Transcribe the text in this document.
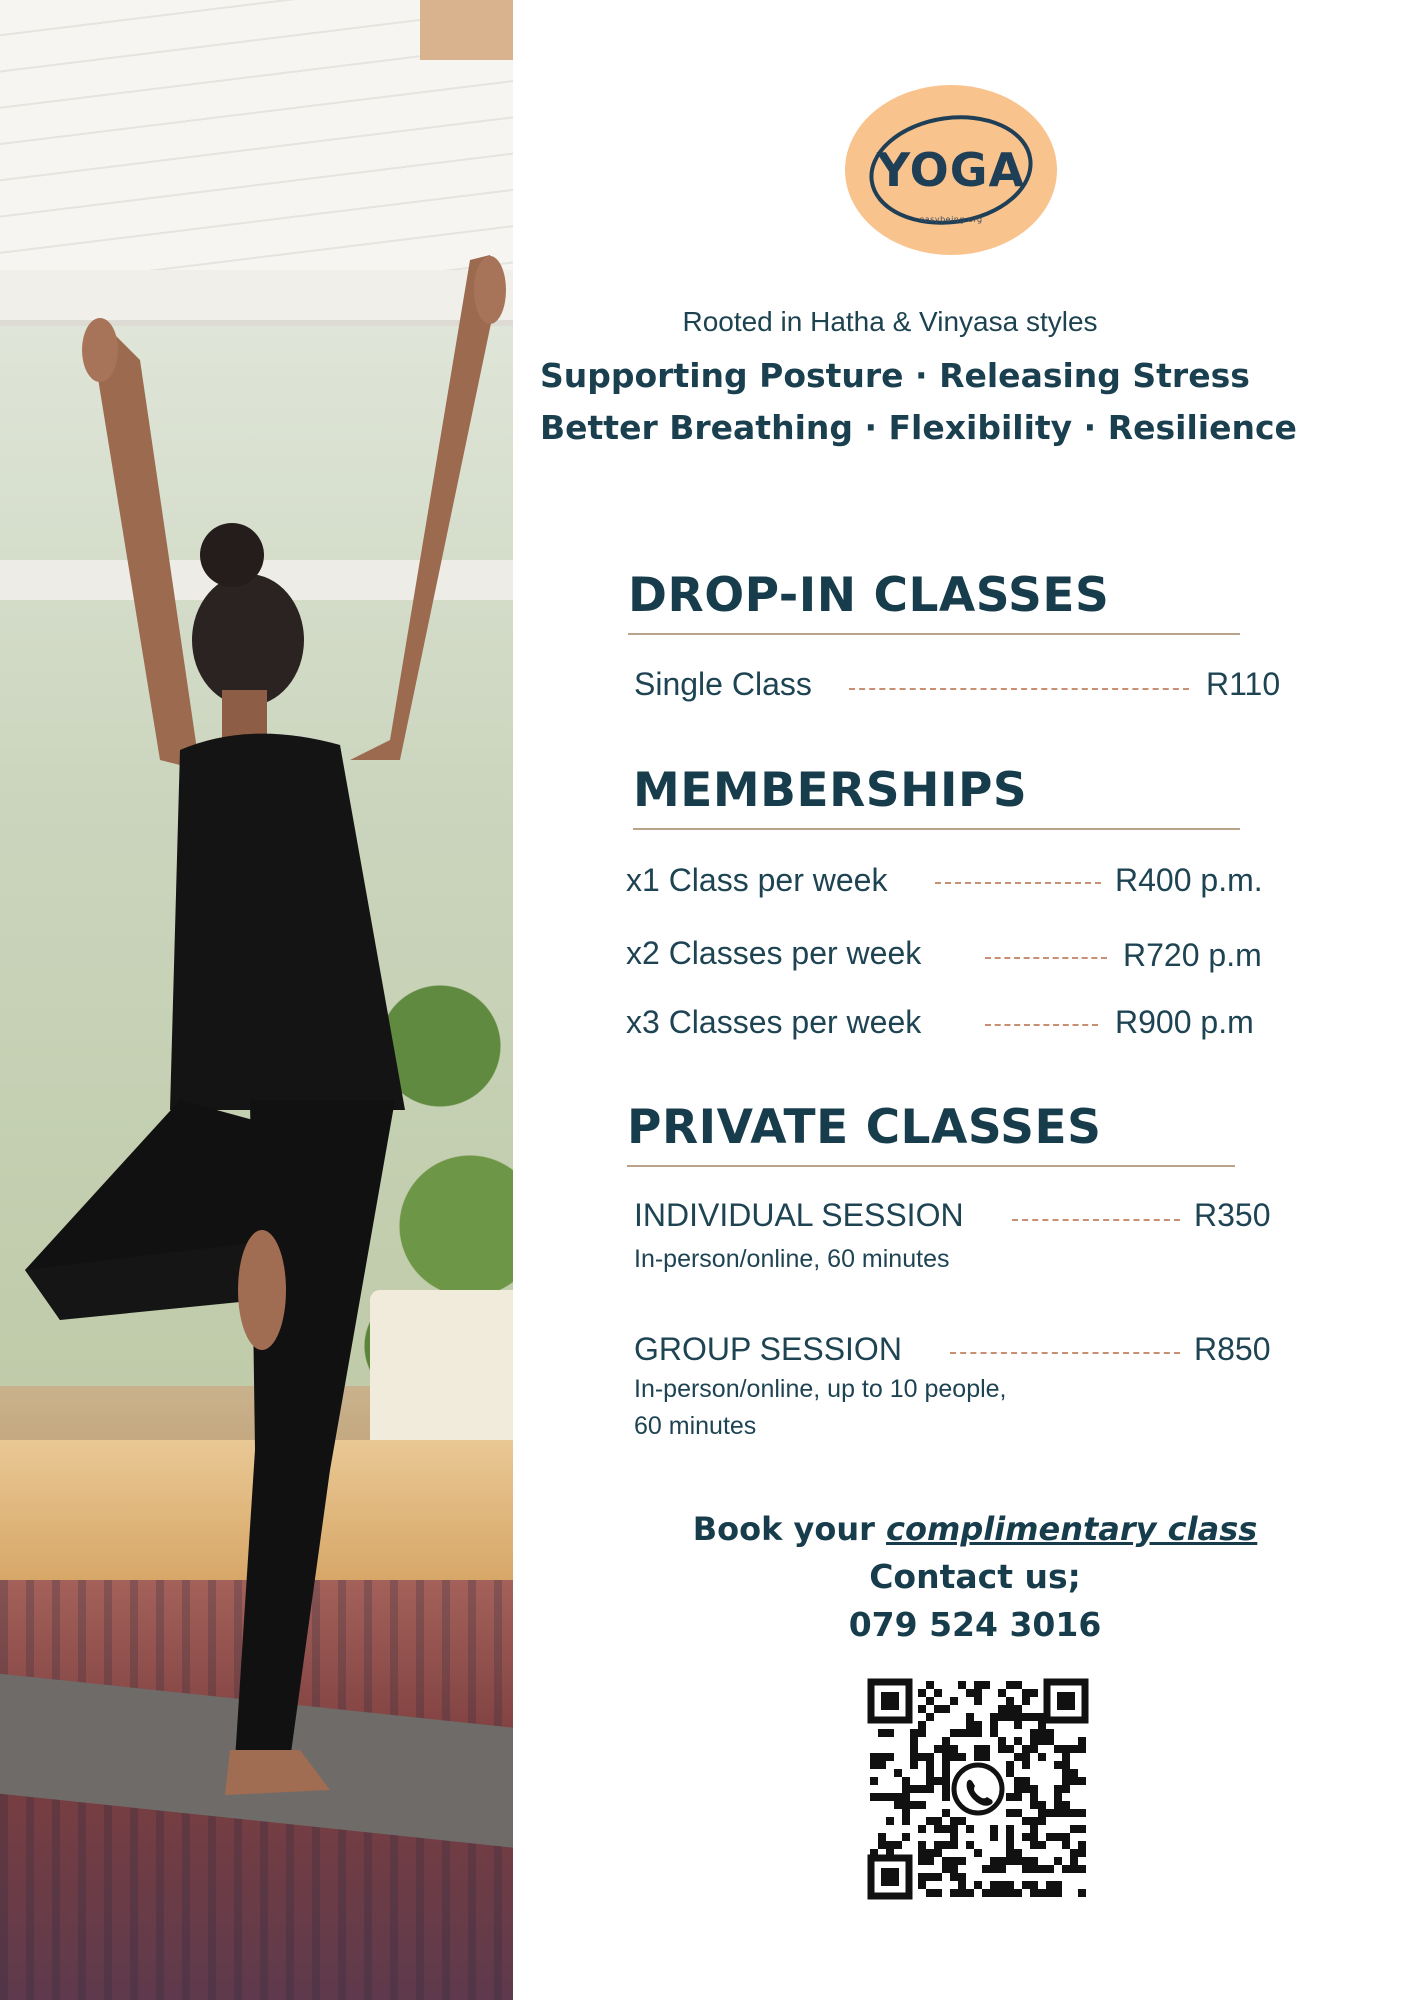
YOGA
easybeing.org
Rooted in Hatha & Vinyasa styles
Supporting Posture · Releasing Stress
Better Breathing · Flexibility · Resilience
DROP-IN CLASSES
Single Class	R110
MEMBERSHIPS
x1 Class per week	R400 p.m.
x2 Classes per week	R720 p.m
x3 Classes per week	R900 p.m
PRIVATE CLASSES
INDIVIDUAL SESSION	R350
In-person/online, 60 minutes
GROUP SESSION	R850
In-person/online, up to 10 people,
60 minutes
Book your complimentary class
Contact us;
079 524 3016
